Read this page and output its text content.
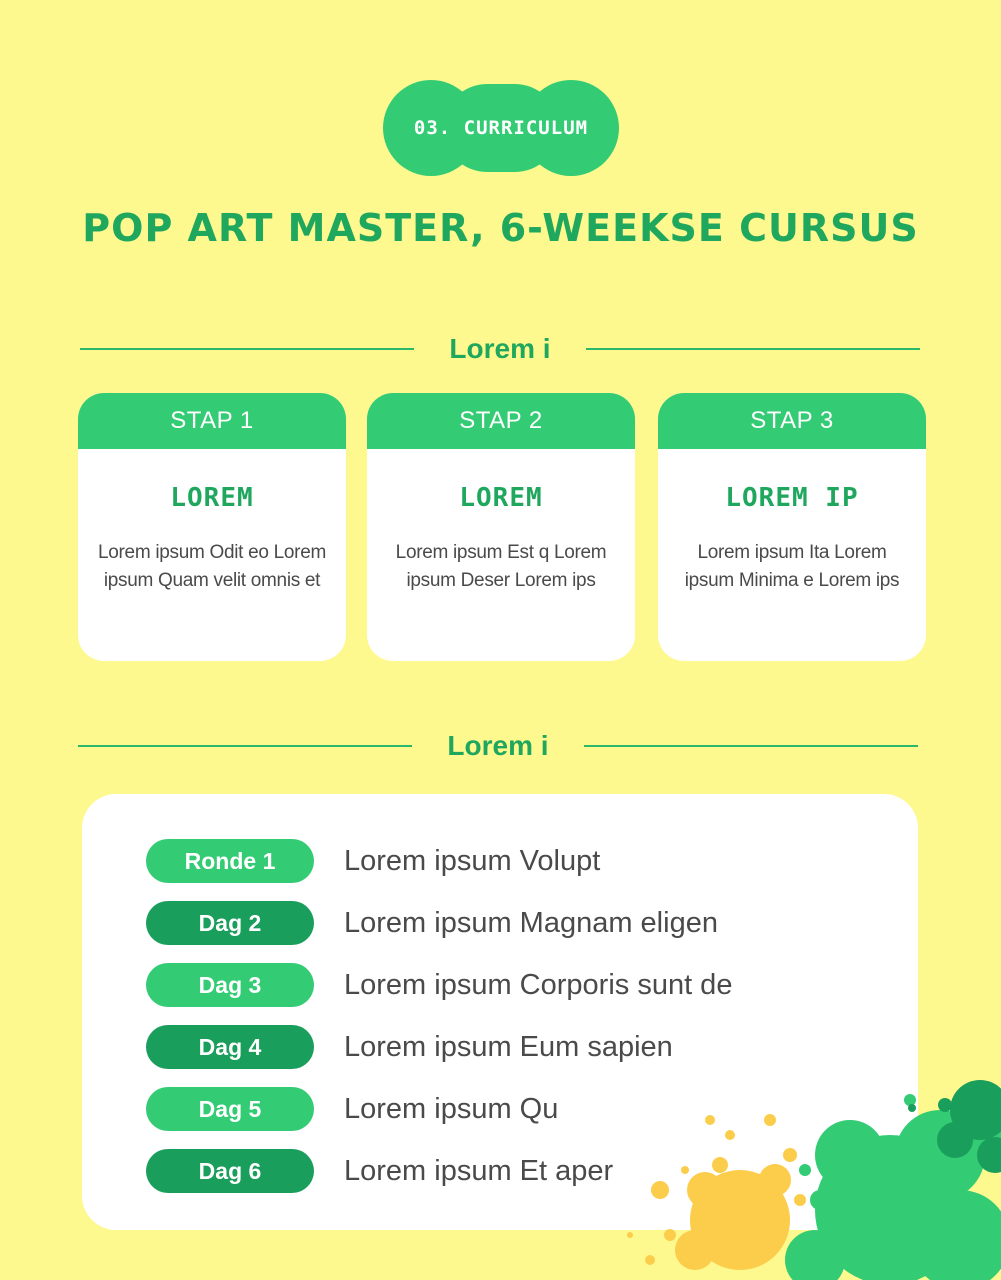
03. CURRICULUM
POP ART MASTER, 6-WEEKSE CURSUS
Lorem i
STAP 1
LOREM
Lorem ipsum Odit eo Lorem ipsum Quam velit omnis et
STAP 2
LOREM
Lorem ipsum Est q Lorem ipsum Deser Lorem ips
STAP 3
LOREM IP
Lorem ipsum Ita Lorem ipsum Minima e Lorem ips
Lorem i
Ronde 1	Lorem ipsum Volupt
Dag 2	Lorem ipsum Magnam eligen
Dag 3	Lorem ipsum Corporis sunt de
Dag 4	Lorem ipsum Eum sapien
Dag 5	Lorem ipsum Qu
Dag 6	Lorem ipsum Et aper
